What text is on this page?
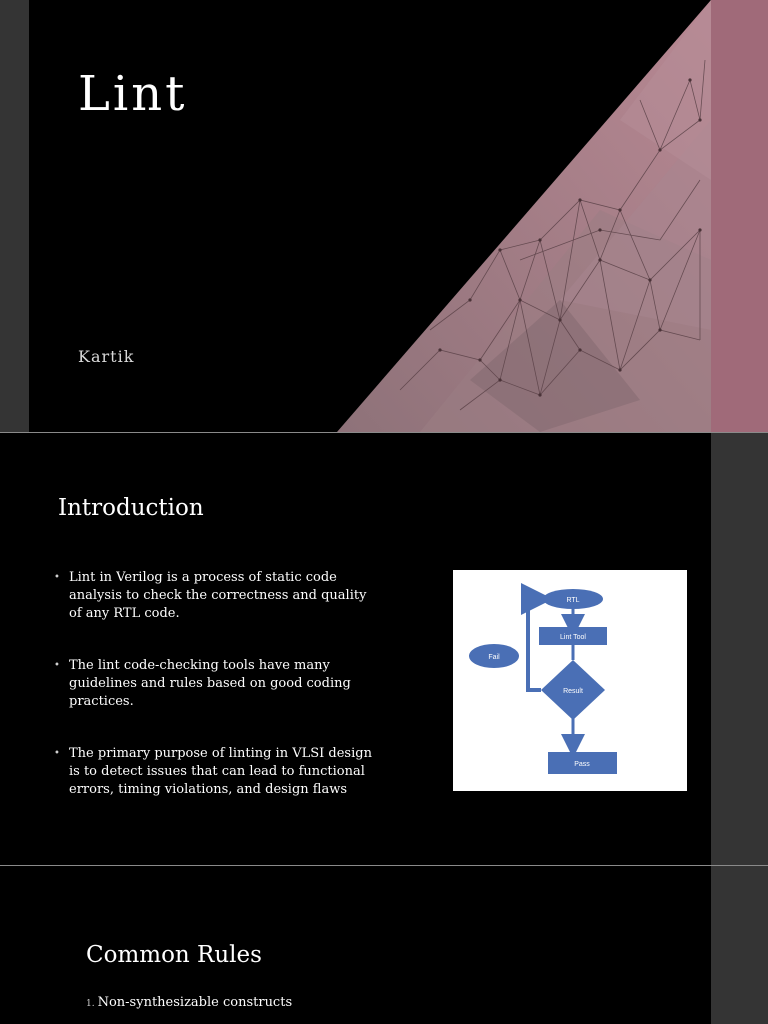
Lint
Kartik
Introduction
• Lint in Verilog is a process of static code analysis to check the correctness and quality of any RTL code.
• The lint code-checking tools have many guidelines and rules based on good coding practices.
• The primary purpose of linting in VLSI design is to detect issues that can lead to functional errors, timing violations, and design flaws
RTL
Lint Tool
Result
Fail
Pass
Common Rules
1. Non-synthesizable constructs
